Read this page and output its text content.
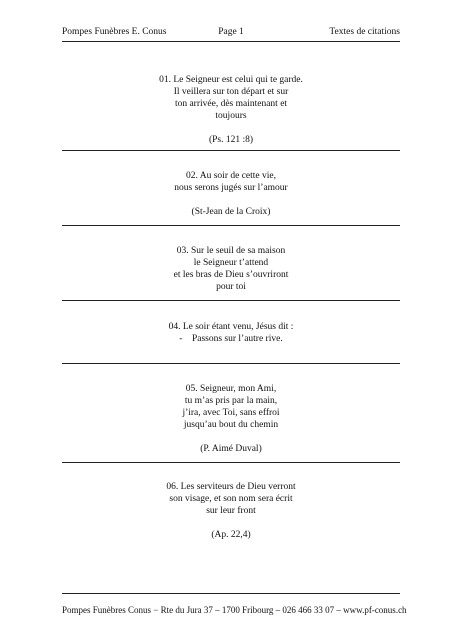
Pompes Funèbres E. Conus	Page 1	Textes de citations
01. Le Seigneur est celui qui te garde.
Il veillera sur ton départ et sur
ton arrivée, dès maintenant et
toujours
(Ps. 121 :8)
02. Au soir de cette vie,
nous serons jugés sur l’amour
(St-Jean de la Croix)
03. Sur le seuil de sa maison
le Seigneur t’attend
et les bras de Dieu s’ouvriront
pour toi
04. Le soir étant venu, Jésus dit :
-    Passons sur l’autre rive.
05. Seigneur, mon Ami,
tu m’as pris par la main,
j’ira, avec Toi, sans effroi
jusqu’au bout du chemin
(P. Aimé Duval)
06. Les serviteurs de Dieu verront
son visage, et son nom sera écrit
sur leur front
(Ap. 22,4)
Pompes Funèbres Conus − Rte du Jura 37 – 1700 Fribourg – 026 466 33 07 – www.pf-conus.ch
